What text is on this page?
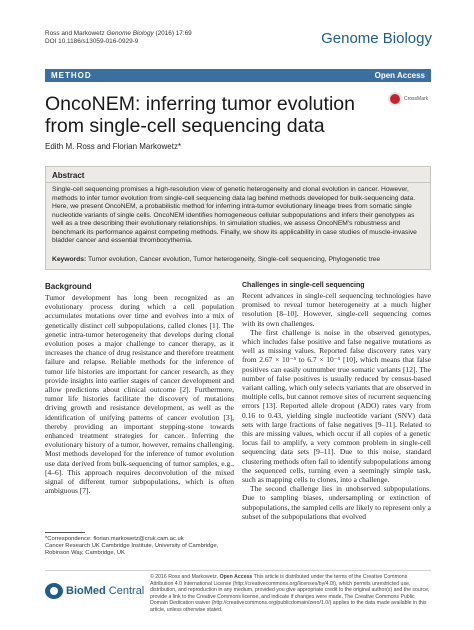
Ross and Markowetz Genome Biology (2016) 17:69
DOI 10.1186/s13059-016-0929-9	Genome Biology
METHOD	Open Access
CrossMark
OncoNEM: inferring tumor evolution from single-cell sequencing data
Edith M. Ross and Florian Markowetz*
Abstract
Single-cell sequencing promises a high-resolution view of genetic heterogeneity and clonal evolution in cancer. However, methods to infer tumor evolution from single-cell sequencing data lag behind methods developed for bulk-sequencing data. Here, we present OncoNEM, a probabilistic method for inferring intra-tumor evolutionary lineage trees from somatic single nucleotide variants of single cells. OncoNEM identifies homogeneous cellular subpopulations and infers their genotypes as well as a tree describing their evolutionary relationships. In simulation studies, we assess OncoNEM's robustness and benchmark its performance against competing methods. Finally, we show its applicability in case studies of muscle-invasive bladder cancer and essential thrombocythemia.
Keywords: Tumor evolution, Cancer evolution, Tumor heterogeneity, Single-cell sequencing, Phylogenetic tree
Background

Tumor development has long been recognized as an evolutionary process during which a cell population accumulates mutations over time and evolves into a mix of genetically distinct cell subpopulations, called clones [1]. The genetic intra-tumor heterogeneity that develops during clonal evolution poses a major challenge to cancer therapy, as it increases the chance of drug resistance and therefore treatment failure and relapse. Reliable methods for the inference of tumor life histories are important for cancer research, as they provide insights into earlier stages of cancer development and allow predictions about clinical outcome [2]. Furthermore, tumor life histories facilitate the discovery of mutations driving growth and resistance development, as well as the identification of unifying patterns of cancer evolution [3], thereby providing an important stepping-stone towards enhanced treatment strategies for cancer. Inferring the evolutionary history of a tumor, however, remains challenging. Most methods developed for the inference of tumor evolution use data derived from bulk-sequencing of tumor samples, e.g., [4–6]. This approach requires deconvolution of the mixed signal of different tumor subpopulations, which is often ambiguous [7].

Challenges in single-cell sequencing

Recent advances in single-cell sequencing technologies have promised to reveal tumor heterogeneity at a much higher resolution [8–10]. However, single-cell sequencing comes with its own challenges.

The first challenge is noise in the observed genotypes, which includes false positive and false negative mutations as well as missing values. Reported false discovery rates vary from 2.67 × 10⁻⁵ to 6.7 × 10⁻⁵ [10], which means that false positives can easily outnumber true somatic variants [12]. The number of false positives is usually reduced by census-based variant calling, which only selects variants that are observed in multiple cells, but cannot remove sites of recurrent sequencing errors [13]. Reported allele dropout (ADO) rates vary from 0.16 to 0.43, yielding single nucleotide variant (SNV) data sets with large fractions of false negatives [9–11]. Related to this are missing values, which occur if all copies of a genetic locus fail to amplify, a very common problem in single-cell sequencing data sets [9–11]. Due to this noise, standard clustering methods often fail to identify subpopulations among the sequenced cells, turning even a seemingly simple task, such as mapping cells to clones, into a challenge.

The second challenge lies in unobserved subpopulations. Due to sampling biases, undersampling or extinction of subpopulations, the sampled cells are likely to represent only a subset of the subpopulations that evolved

*Correspondence: florian.markowetz@cruk.cam.ac.uk
Cancer Research UK Cambridge Institute, University of Cambridge, Robinson Way, Cambridge, UK
BioMed Central
© 2016 Ross and Markowetz. Open Access This article is distributed under the terms of the Creative Commons Attribution 4.0 International License (http://creativecommons.org/licenses/by/4.0/), which permits unrestricted use, distribution, and reproduction in any medium, provided you give appropriate credit to the original author(s) and the source, provide a link to the Creative Commons license, and indicate if changes were made. The Creative Commons Public Domain Dedication waiver (http://creativecommons.org/publicdomain/zero/1.0/) applies to the data made available in this article, unless otherwise stated.
